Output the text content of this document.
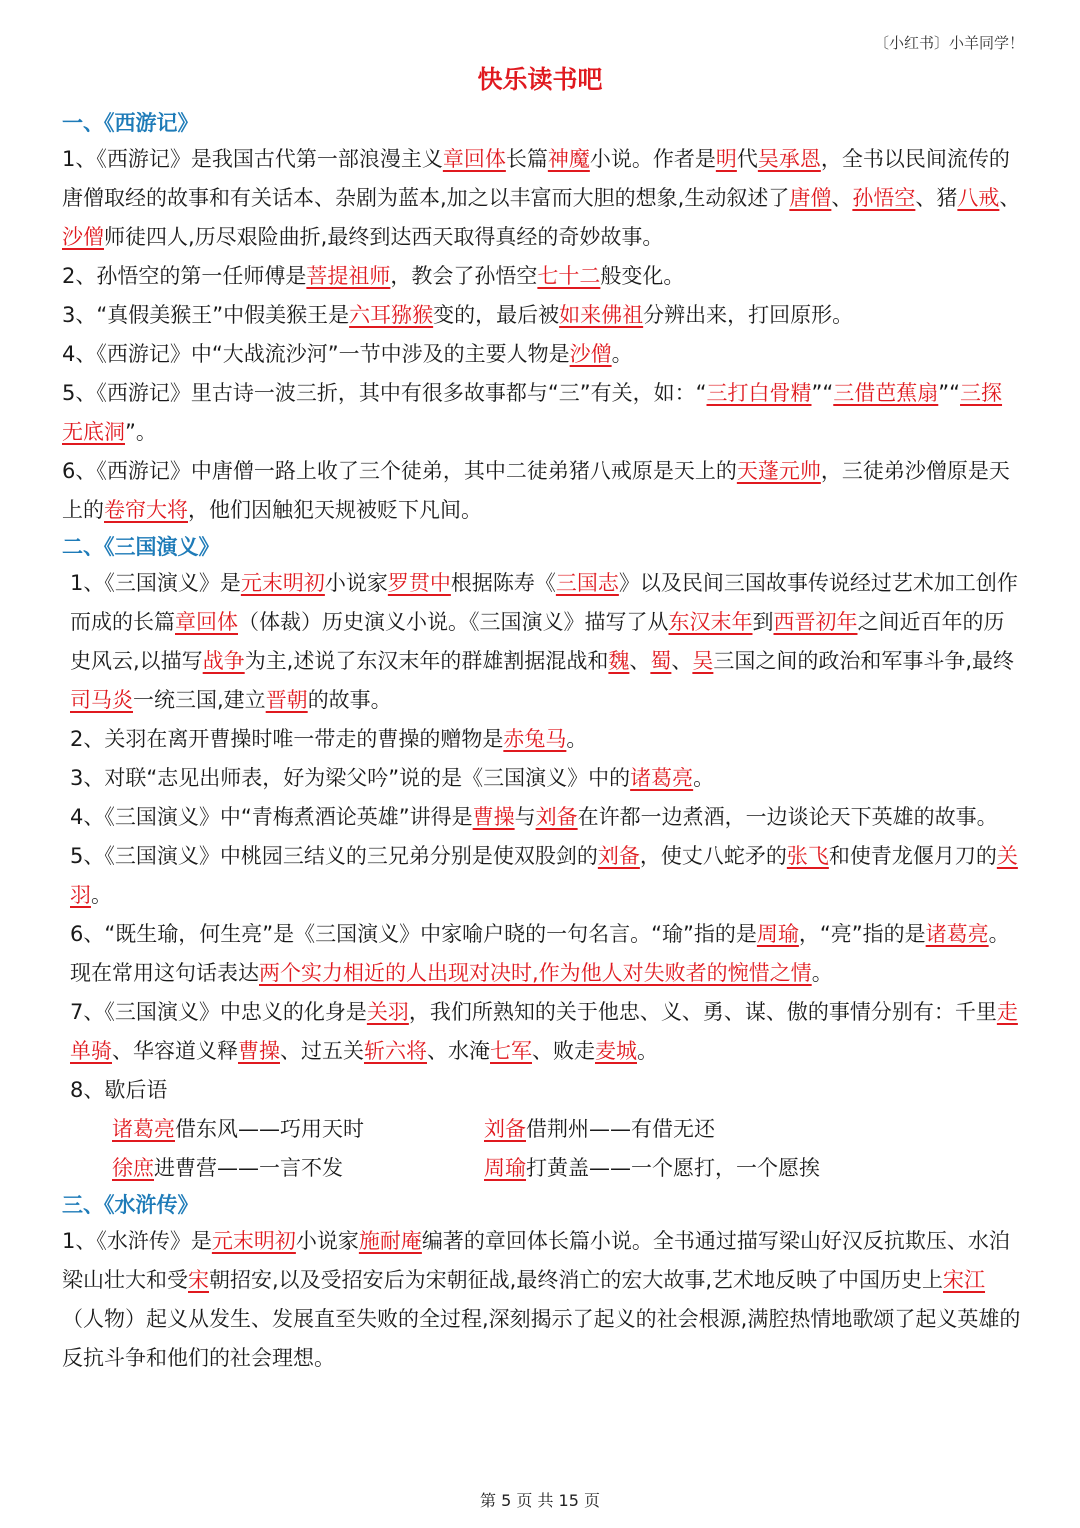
〔小红书〕小羊同学！
快乐读书吧
一、《西游记》

1、《西游记》是我国古代第一部浪漫主义章回体长篇神魔小说。作者是明代吴承恩，全书以民间流传的唐僧取经的故事和有关话本、杂剧为蓝本,加之以丰富而大胆的想象,生动叙述了唐僧、孙悟空、猪八戒、沙僧师徒四人,历尽艰险曲折,最终到达西天取得真经的奇妙故事。

2、孙悟空的第一任师傅是菩提祖师，教会了孙悟空七十二般变化。

3、“真假美猴王”中假美猴王是六耳猕猴变的，最后被如来佛祖分辨出来，打回原形。

4、《西游记》中“大战流沙河”一节中涉及的主要人物是沙僧。

5、《西游记》里古诗一波三折，其中有很多故事都与“三”有关，如：“三打白骨精”“三借芭蕉扇”“三探无底洞”。

6、《西游记》中唐僧一路上收了三个徒弟，其中二徒弟猪八戒原是天上的天蓬元帅，三徒弟沙僧原是天上的卷帘大将，他们因触犯天规被贬下凡间。

二、《三国演义》

1、《三国演义》是元末明初小说家罗贯中根据陈寿《三国志》以及民间三国故事传说经过艺术加工创作而成的长篇章回体（体裁）历史演义小说。《三国演义》描写了从东汉末年到西晋初年之间近百年的历史风云,以描写战争为主,述说了东汉末年的群雄割据混战和魏、蜀、吴三国之间的政治和军事斗争,最终司马炎一统三国,建立晋朝的故事。

2、关羽在离开曹操时唯一带走的曹操的赠物是赤兔马。

3、对联“志见出师表，好为梁父吟”说的是《三国演义》中的诸葛亮。

4、《三国演义》中“青梅煮酒论英雄”讲得是曹操与刘备在许都一边煮酒，一边谈论天下英雄的故事。

5、《三国演义》中桃园三结义的三兄弟分别是使双股剑的刘备，使丈八蛇矛的张飞和使青龙偃月刀的关羽。

6、“既生瑜，何生亮”是《三国演义》中家喻户晓的一句名言。“瑜”指的是周瑜，“亮”指的是诸葛亮。现在常用这句话表达两个实力相近的人出现对决时,作为他人对失败者的惋惜之情。

7、《三国演义》中忠义的化身是关羽，我们所熟知的关于他忠、义、勇、谋、傲的事情分别有：千里走单骑、华容道义释曹操、过五关斩六将、水淹七军、败走麦城。

8、歇后语

诸葛亮借东风——巧用天时	刘备借荆州——有借无还
徐庶进曹营——一言不发	周瑜打黄盖——一个愿打，一个愿挨
三、《水浒传》

1、《水浒传》是元末明初小说家施耐庵编著的章回体长篇小说。全书通过描写梁山好汉反抗欺压、水泊梁山壮大和受宋朝招安,以及受招安后为宋朝征战,最终消亡的宏大故事,艺术地反映了中国历史上宋江（人物）起义从发生、发展直至失败的全过程,深刻揭示了起义的社会根源,满腔热情地歌颂了起义英雄的反抗斗争和他们的社会理想。

第 5 页 共 15 页
